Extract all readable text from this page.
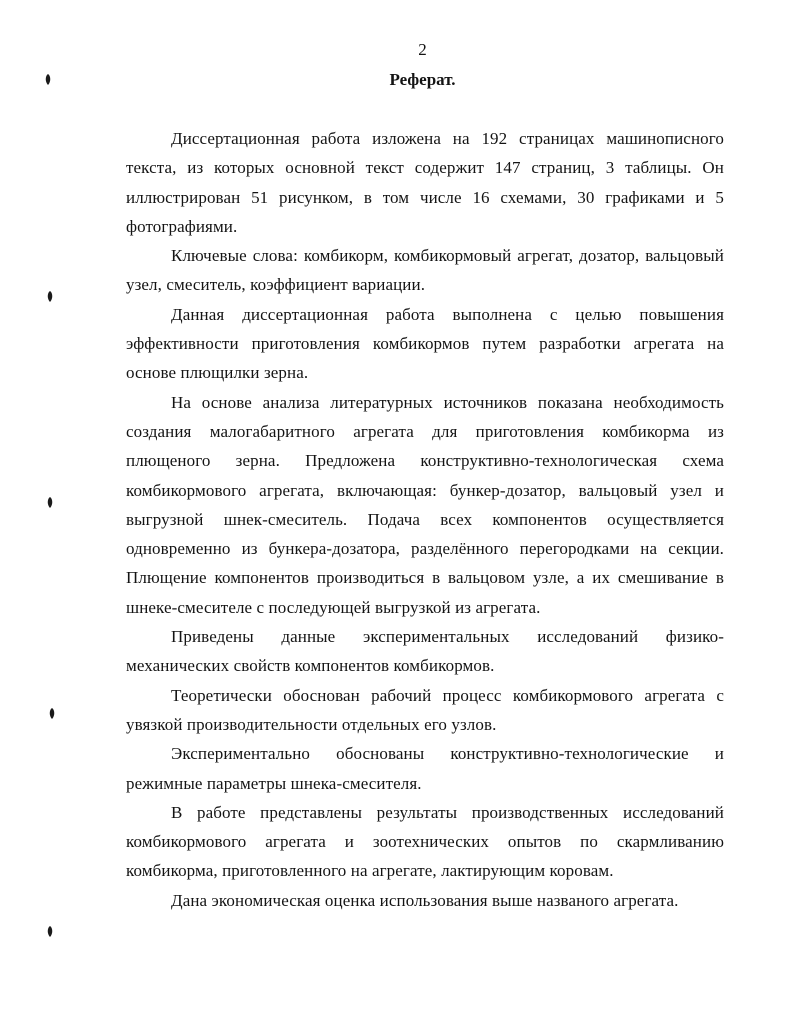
2
Реферат.

Диссертационная работа изложена на 192 страницах машинописного текста, из которых основной текст содержит 147 страниц, 3 таблицы. Он иллюстрирован 51 рисунком, в том числе 16 схемами, 30 графиками и 5 фотографиями.

Ключевые слова: комбикорм, комбикормовый агрегат, дозатор, вальцовый узел, смеситель, коэффициент вариации.

Данная диссертационная работа выполнена с целью повышения эффективности приготовления комбикормов путем разработки агрегата на основе плющилки зерна.

На основе анализа литературных источников показана необходимость создания малогабаритного агрегата для приготовления комбикорма из плющеного зерна. Предложена конструктивно-технологическая схема комбикормового агрегата, включающая: бункер-дозатор, вальцовый узел и выгрузной шнек-смеситель. Подача всех компонентов осуществляется одновременно из бункера-дозатора, разделённого перегородками на секции. Плющение компонентов производиться в вальцовом узле, а их смешивание в шнеке-смесителе с последующей выгрузкой из агрегата.

Приведены данные экспериментальных исследований физико-механических свойств компонентов комбикормов.

Теоретически обоснован рабочий процесс комбикормового агрегата с увязкой производительности отдельных его узлов.

Экспериментально обоснованы конструктивно-технологические и режимные параметры шнека-смесителя.

В работе представлены результаты производственных исследований комбикормового агрегата и зоотехнических опытов по скармливанию комбикорма, приготовленного на агрегате, лактирующим коровам.

Дана экономическая оценка использования выше названого агрегата.
